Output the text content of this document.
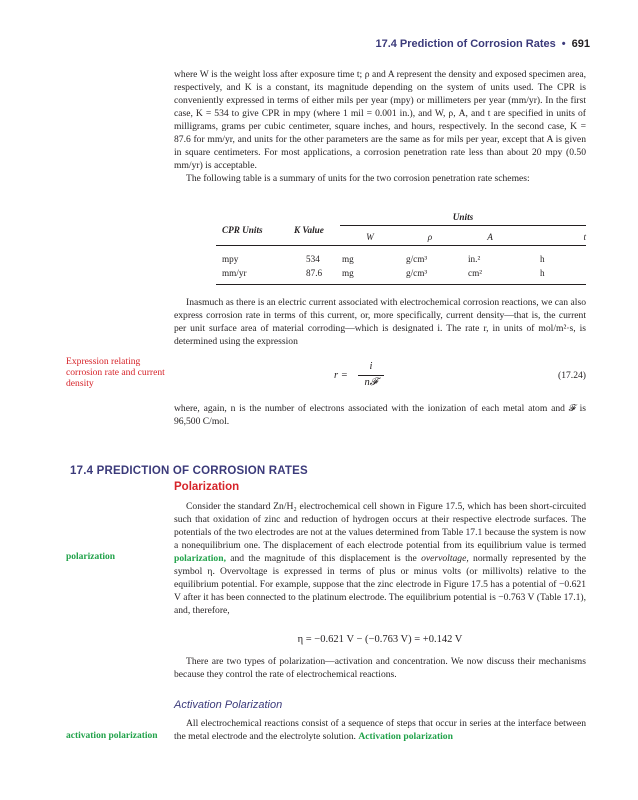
17.4 Prediction of Corrosion Rates • 691

where W is the weight loss after exposure time t; ρ and A represent the density and exposed specimen area, respectively, and K is a constant, its magnitude depending on the system of units used. The CPR is conveniently expressed in terms of either mils per year (mpy) or millimeters per year (mm/yr). In the first case, K = 534 to give CPR in mpy (where 1 mil = 0.001 in.), and W, ρ, A, and t are specified in units of milligrams, grams per cubic centimeter, square inches, and hours, respectively. In the second case, K = 87.6 for mm/yr, and units for the other parameters are the same as for mils per year, except that A is given in square centimeters. For most applications, a corrosion penetration rate less than about 20 mpy (0.50 mm/yr) is acceptable.

The following table is a summary of units for the two corrosion penetration rate schemes:

Units
CPR Units	K Value
W	ρ	A	t
mpy	534	mg	g/cm³	in.²	h
mm/yr	87.6	mg	g/cm³	cm²	h
Inasmuch as there is an electric current associated with electrochemical corrosion reactions, we can also express corrosion rate in terms of this current, or, more specifically, current density—that is, the current per unit surface area of material corroding—which is designated i. The rate r, in units of mol/m²·s, is determined using the expression
Expression relating corrosion rate and current density
r =
i
n𝓕
(17.24)
where, again, n is the number of electrons associated with the ionization of each metal atom and 𝓕 is 96,500 C/mol.
17.4 PREDICTION OF CORROSION RATES
Polarization
Consider the standard Zn/H₂ electrochemical cell shown in Figure 17.5, which has been short-circuited such that oxidation of zinc and reduction of hydrogen occurs at their respective electrode surfaces. The potentials of the two electrodes are not at the values determined from Table 17.1 because the system is now a nonequilibrium one. The displacement of each electrode potential from its equilibrium value is termed polarization, and the magnitude of this displacement is the overvoltage, normally represented by the symbol η. Overvoltage is expressed in terms of plus or minus volts (or millivolts) relative to the equilibrium potential. For example, suppose that the zinc electrode in Figure 17.5 has a potential of −0.621 V after it has been connected to the platinum electrode. The equilibrium potential is −0.763 V (Table 17.1), and, therefore,
polarization
η = −0.621 V − (−0.763 V) = +0.142 V
There are two types of polarization—activation and concentration. We now discuss their mechanisms because they control the rate of electrochemical reactions.
Activation Polarization
All electrochemical reactions consist of a sequence of steps that occur in series at the interface between the metal electrode and the electrolyte solution. Activation polarization
activation polarization
